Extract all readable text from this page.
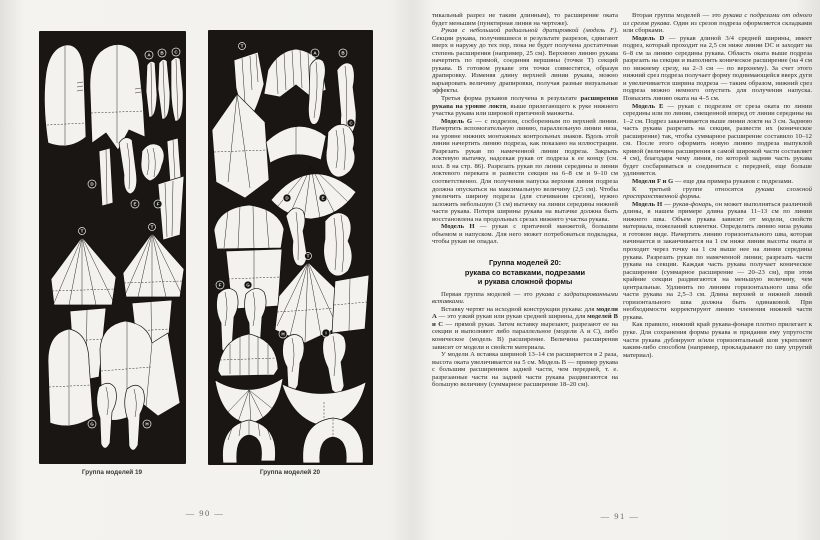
A B C
D
E	F
Т
Т
G	H
Т
A	B
C
D	E
Т
F	G
H	I
Группа моделей 19	Группа моделей 20
— 90 —

тикальный разрез не таким длинным), то расширение оката будет меньшим (пунктирная линия на чертеже).

Рукав с небольшой радиальной драпировкой (модель F). Секции рукава, получившиеся в результате разрезов, сдвигают вверх и наружу до тех пор, пока не будет получена достаточная степень расширения (например, 25 см). Верхнюю линию рукава начертить по прямой, соединяя вершины (точки Т) секций рукава. В готовом рукаве эти точки совместятся, образуя драпировку. Изменяя длину верхней линии рукава, можно варьировать величину драпировки, получая разные визуальные эффекты.

Третья форма рукавов получена в результате расширения рукава на уровне локтя, выше прилегающего к руке нижнего участка рукава или широкой притачной манжеты.

Модель G — с подрезом, сосборенным по верхней линии. Начертить вспомогательную линию, параллельную линии низа, на уровне нижних монтажных контрольных знаков. Вдоль этой линии начертить линию подреза, как показано на иллюстрации. Разрезать рукав по намеченной линии подреза. Закрыть локтевую вытачку, надсекая рукав от подреза к ее концу (см. илл. 8 на стр. 86). Разрезать рукав по линии середины и линии локтевого переката и развести секции на 6–8 см и 9–10 см соответственно. Для получения напуска верхняя линия подреза должна опускаться на максимальную величину (2,5 см). Чтобы увеличить ширину подреза (для стачивания срезов), нужно заложить небольшую (3 см) вытачку на линии середины нижней части рукава. Потеря ширины рукава на вытачке должна быть восстановлена на продольных срезах нижнего участка рукава.

Модель H — рукав с притачной манжетой, большим объемом и напуском. Для него может потребоваться подкладка, чтобы рукав не опадал.

Группа моделей 20:
рукава со вставками, подрезами
и рукава сложной формы

Первая группа моделей — это рукава с задрапированными вставками.

Вставку чертят на исходной конструкции рукава: для модели А — это узкий рукав или рукав средней ширины, для моделей В и С — прямой рукав. Затем вставку вырезают, разрезают ее на секции и выполняют либо параллельное (модели А и С), либо коническое (модель В) расширение. Величина расширения зависит от модели и свойств материала.

У модели А вставка шириной 13–14 см расширяется в 2 раза, высота оката увеличивается на 5 см. Модель В — пример рукава с большим расширением задней части, чем передней, т. е. разрезанные части на задней части рукава раздвигаются на большую величину (суммарное расширение 18–20 см).

Вторая группа моделей — это рукава с подрезами от одного из срезов рукава. Один из срезов подреза оформляется складками или сборками.

Модель D — рукав длиной 3/4 средней ширины, имеет подрез, который проходит на 2,5 см ниже линии DC и заходит на 6–8 см за линию середины рукава. Область оката выше подреза разрезать на секции и выполнить коническое расширение (на 4 см по нижнему срезу, на 2–3 см — по верхнему). За счет этого нижний срез подреза получает форму поднимающейся вверх дуги и увеличивается ширина подреза — таким образом, нижний срез подреза можно немного опустить для получения напуска. Повысить линию оката на 4–5 см.

Модель Е — рукав с подрезом от среза оката по линии середины или по линии, смещенной вперед от линии середины на 1–2 см. Подрез заканчивается выше линии локтя на 3 см. Заднюю часть рукава разрезать на секции, развести их (коническое расширение) так, чтобы суммарное расширение составило 10–12 см. После этого оформить новую линию подреза выпуклой кривой (величина расширения в самой широкой части составляет 4 см), благодаря чему линия, по которой задняя часть рукава будет сосбариваться и соединяться с передней, еще больше удлиняется.

Модели F и G — еще два примера рукавов с подрезами.

К третьей группе относятся рукава сложной пространственной формы.

Модель H — рукав-фонарь, он может выполняться различной длины, в нашем примере длина рукава 11–13 см по линии нижнего шва. Объем рукава зависит от модели, свойств материала, пожеланий клиентки. Определить линию низа рукава в готовом виде. Начертить линию горизонтального шва, которая начинается и заканчивается на 1 см ниже линии высоты оката и проходит через точку на 1 см выше нее на линии середины рукава. Разрезать рукав по намеченной линии; разрезать части рукава на секции. Каждая часть рукава получает коническое расширение (суммарное расширение — 20–23 см), при этом крайние секции раздвигаются на меньшую величину, чем центральные. Удлинить по линиям горизонтального шва обе части рукава на 2,5–3 см. Длина верхней и нижней линий горизонтального шва должна быть одинаковой. При необходимости корректируют линию членения нижней части рукава.

Как правило, нижний край рукава-фонаря плотно прилегает к руке. Для сохранения формы рукава и придания ему упругости части рукава дублируют и/или горизонтальный шов укрепляют каким-либо способом (например, прокладывают по шву упругий материал).

— 91 —
